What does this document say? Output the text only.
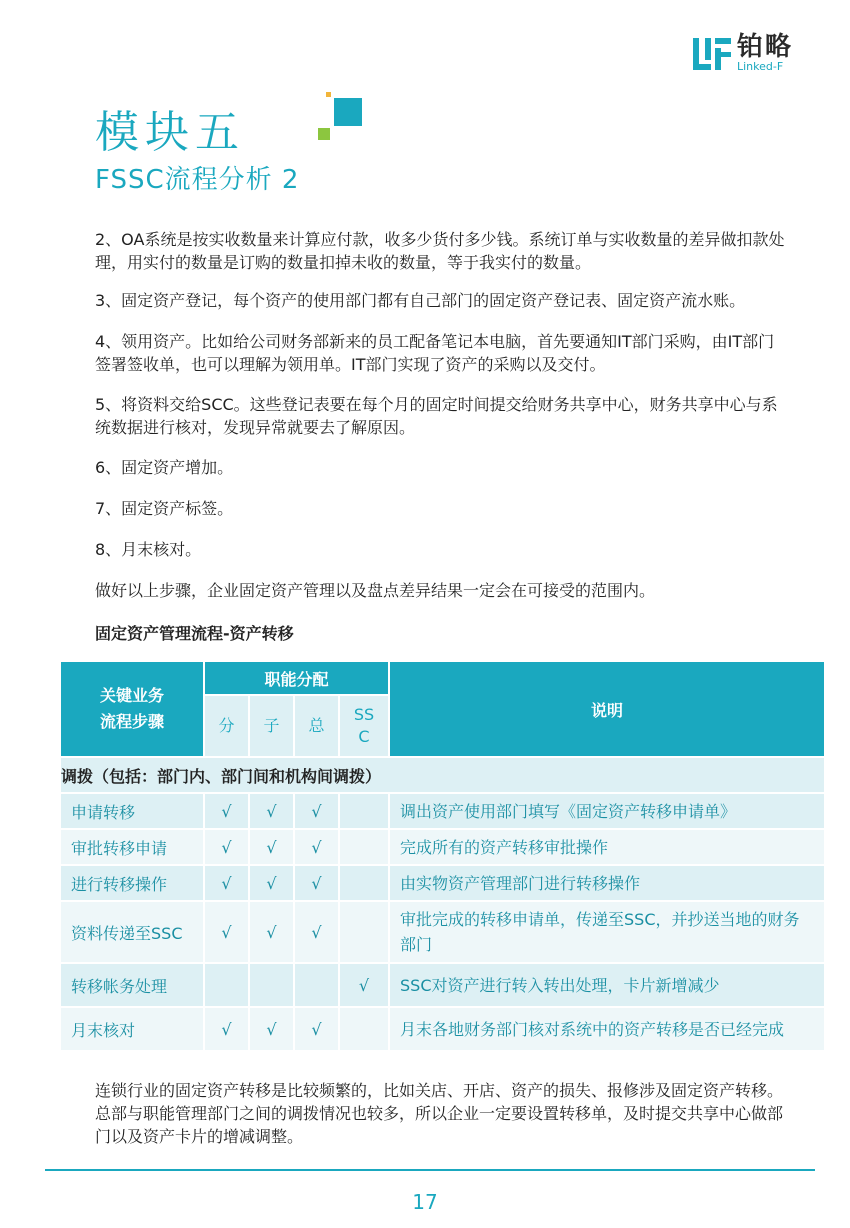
铂略
Linked-F
模块五
FSSC流程分析 2

2、OA系统是按实收数量来计算应付款，收多少货付多少钱。系统订单与实收数量的差异做扣款处理，用实付的数量是订购的数量扣掉未收的数量，等于我实付的数量。

3、固定资产登记，每个资产的使用部门都有自己部门的固定资产登记表、固定资产流水账。

4、领用资产。比如给公司财务部新来的员工配备笔记本电脑，首先要通知IT部门采购，由IT部门签署签收单，也可以理解为领用单。IT部门实现了资产的采购以及交付。

5、将资料交给SCC。这些登记表要在每个月的固定时间提交给财务共享中心，财务共享中心与系统数据进行核对，发现异常就要去了解原因。

6、固定资产增加。

7、固定资产标签。

8、月末核对。

做好以上步骤，企业固定资产管理以及盘点差异结果一定会在可接受的范围内。

固定资产管理流程-资产转移
关键业务
流程步骤	职能分配				说明
	分	子	总	SS
C	
调拨（包括：部门内、部门间和机构间调拨）					
申请转移	√	√	√		调出资产使用部门填写《固定资产转移申请单》
审批转移申请	√	√	√		完成所有的资产转移审批操作
进行转移操作	√	√	√		由实物资产管理部门进行转移操作
资料传递至SSC	√	√	√		审批完成的转移申请单，传递至SSC，并抄送当地的财务部门
转移帐务处理				√	SSC对资产进行转入转出处理，卡片新增减少
月末核对	√	√	√		月末各地财务部门核对系统中的资产转移是否已经完成

连锁行业的固定资产转移是比较频繁的，比如关店、开店、资产的损失、报修涉及固定资产转移。总部与职能管理部门之间的调拨情况也较多，所以企业一定要设置转移单，及时提交共享中心做部门以及资产卡片的增减调整。

17
